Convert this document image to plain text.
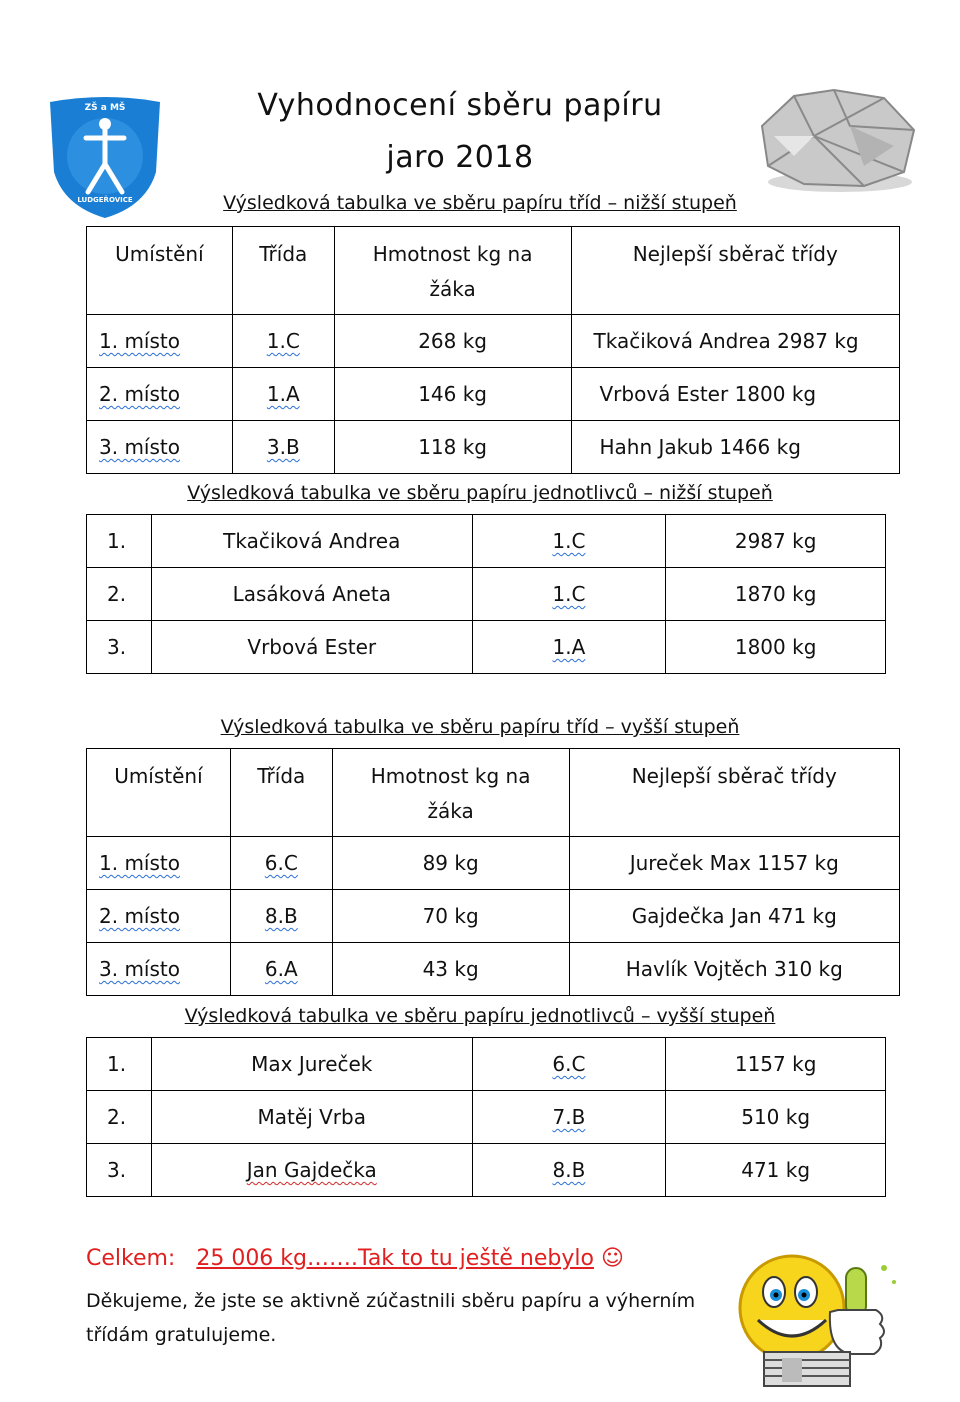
ZŠ a MŠ
LUDGEŘOVICE
Vyhodnocení sběru papíru
jaro 2018
Výsledková tabulka ve sběru papíru tříd – nižší stupeň
Umístění	Třída	Hmotnost kg na žáka	Nejlepší sběrač třídy
1. místo	1.C	268 kg	Tkačiková Andrea 2987 kg
2. místo	1.A	146 kg	Vrbová Ester 1800 kg
3. místo	3.B	118 kg	Hahn Jakub 1466 kg
Výsledková tabulka ve sběru papíru jednotlivců – nižší stupeň
1.	Tkačiková Andrea	1.C	2987 kg
2.	Lasáková Aneta	1.C	1870 kg
3.	Vrbová Ester	1.A	1800 kg
Výsledková tabulka ve sběru papíru tříd – vyšší stupeň
Umístění	Třída	Hmotnost kg na žáka	Nejlepší sběrač třídy
1. místo	6.C	89 kg	Jureček Max 1157 kg
2. místo	8.B	70 kg	Gajdečka Jan 471 kg
3. místo	6.A	43 kg	Havlík Vojtěch 310 kg
Výsledková tabulka ve sběru papíru jednotlivců – vyšší stupeň
1.	Max Jureček	6.C	1157 kg
2.	Matěj Vrba	7.B	510 kg
3.	Jan Gajdečka	8.B	471 kg
Celkem: 25 006 kg…….Tak to tu ještě nebylo ☺
Děkujeme, že jste se aktivně zúčastnili sběru papíru a výherním třídám gratulujeme.
